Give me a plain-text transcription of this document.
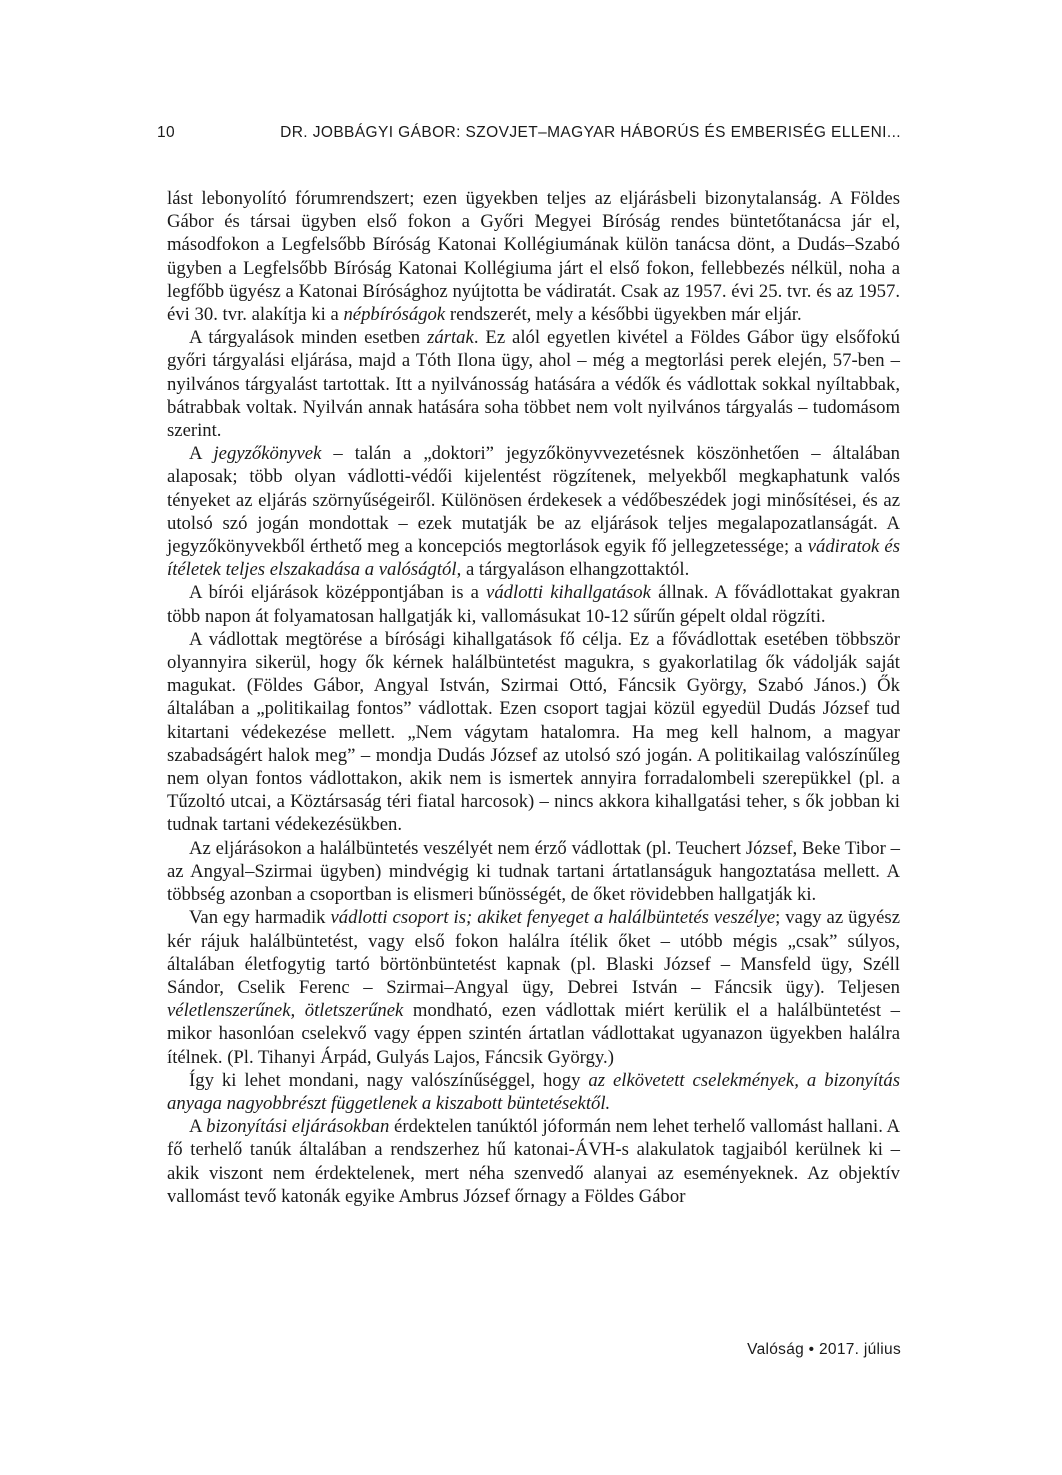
10	DR. JOBBÁGYI GÁBOR: SZOVJET–MAGYAR HÁBORÚS ÉS EMBERISÉG ELLENI...

lást lebonyolító fórumrendszert; ezen ügyekben teljes az eljárásbeli bizonytalanság. A Földes Gábor és társai ügyben első fokon a Győri Megyei Bíróság rendes büntetőtanácsa jár el, másodfokon a Legfelsőbb Bíróság Katonai Kollégiumának külön tanácsa dönt, a Dudás–Szabó ügyben a Legfelsőbb Bíróság Katonai Kollégiuma járt el első fokon, fellebbezés nélkül, noha a legfőbb ügyész a Katonai Bírósághoz nyújtotta be vádiratát. Csak az 1957. évi 25. tvr. és az 1957. évi 30. tvr. alakítja ki a népbíróságok rendszerét, mely a későbbi ügyekben már eljár.

A tárgyalások minden esetben zártak. Ez alól egyetlen kivétel a Földes Gábor ügy elsőfokú győri tárgyalási eljárása, majd a Tóth Ilona ügy, ahol – még a megtorlási perek elején, 57-ben – nyilvános tárgyalást tartottak. Itt a nyilvánosság hatására a védők és vádlottak sokkal nyíltabbak, bátrabbak voltak. Nyilván annak hatására soha többet nem volt nyilvános tárgyalás – tudomásom szerint.

A jegyzőkönyvek – talán a „doktori” jegyzőkönyvvezetésnek köszönhetően – általában alaposak; több olyan vádlotti-védői kijelentést rögzítenek, melyekből megkaphatunk valós tényeket az eljárás szörnyűségeiről. Különösen érdekesek a védőbeszédek jogi minősítései, és az utolsó szó jogán mondottak – ezek mutatják be az eljárások teljes megalapozatlanságát. A jegyzőkönyvekből érthető meg a koncepciós megtorlások egyik fő jellegzetessége; a vádiratok és ítéletek teljes elszakadása a valóságtól, a tárgyaláson elhangzottaktól.

A bírói eljárások középpontjában is a vádlotti kihallgatások állnak. A fővádlottakat gyakran több napon át folyamatosan hallgatják ki, vallomásukat 10-12 sűrűn gépelt oldal rögzíti.

A vádlottak megtörése a bírósági kihallgatások fő célja. Ez a fővádlottak esetében többször olyannyira sikerül, hogy ők kérnek halálbüntetést magukra, s gyakorlatilag ők vádolják saját magukat. (Földes Gábor, Angyal István, Szirmai Ottó, Fáncsik György, Szabó János.) Ők általában a „politikailag fontos” vádlottak. Ezen csoport tagjai közül egyedül Dudás József tud kitartani védekezése mellett. „Nem vágytam hatalomra. Ha meg kell halnom, a magyar szabadságért halok meg” – mondja Dudás József az utolsó szó jogán. A politikailag valószínűleg nem olyan fontos vádlottakon, akik nem is ismertek annyira forradalombeli szerepükkel (pl. a Tűzoltó utcai, a Köztársaság téri fiatal harcosok) – nincs akkora kihallgatási teher, s ők jobban ki tudnak tartani védekezésükben.

Az eljárásokon a halálbüntetés veszélyét nem érző vádlottak (pl. Teuchert József, Beke Tibor – az Angyal–Szirmai ügyben) mindvégig ki tudnak tartani ártatlanságuk hangoztatása mellett. A többség azonban a csoportban is elismeri bűnösségét, de őket rövidebben hallgatják ki.

Van egy harmadik vádlotti csoport is; akiket fenyeget a halálbüntetés veszélye; vagy az ügyész kér rájuk halálbüntetést, vagy első fokon halálra ítélik őket – utóbb mégis „csak” súlyos, általában életfogytig tartó börtönbüntetést kapnak (pl. Blaski József – Mansfeld ügy, Széll Sándor, Cselik Ferenc – Szirmai–Angyal ügy, Debrei István – Fáncsik ügy). Teljesen véletlenszerűnek, ötletszerűnek mondható, ezen vádlottak miért kerülik el a halálbüntetést – mikor hasonlóan cselekvő vagy éppen szintén ártatlan vádlottakat ugyanazon ügyekben halálra ítélnek. (Pl. Tihanyi Árpád, Gulyás Lajos, Fáncsik György.)

Így ki lehet mondani, nagy valószínűséggel, hogy az elkövetett cselekmények, a bizonyítás anyaga nagyobbrészt függetlenek a kiszabott büntetésektől.

A bizonyítási eljárásokban érdektelen tanúktól jóformán nem lehet terhelő vallomást hallani. A fő terhelő tanúk általában a rendszerhez hű katonai-ÁVH-s alakulatok tagjaiból kerülnek ki – akik viszont nem érdektelenek, mert néha szenvedő alanyai az eseményeknek. Az objektív vallomást tevő katonák egyike Ambrus József őrnagy a Földes Gábor

Valóság • 2017. július
